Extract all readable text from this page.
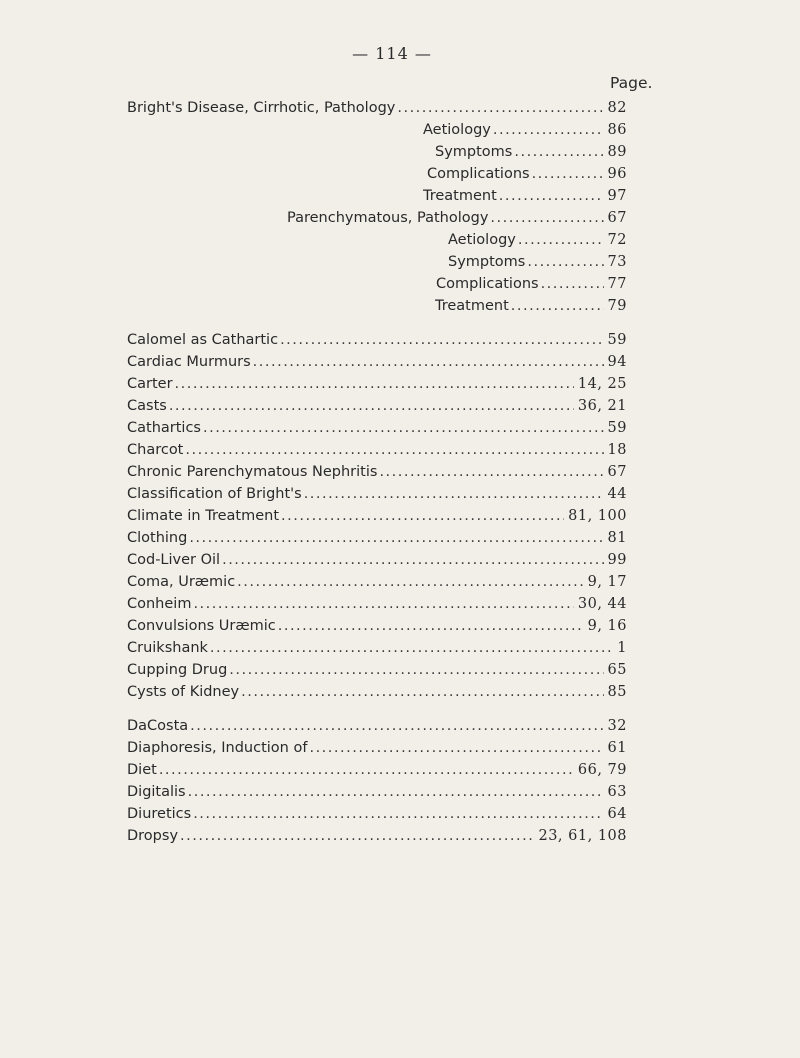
— 114 —
Page.
Bright's Disease, Cirrhotic, Pathology .....	82
Aetiology .....	86
Symptoms .....	89
Complications .....	96
Treatment .....	97
Parenchymatous, Pathology .....	67
Aetiology .....	72
Symptoms .....	73
Complications .....	77
Treatment .....	79
Calomel as Cathartic .....	59
Cardiac Murmurs .....	94
Carter .....	14, 25
Casts .....	36, 21
Cathartics .....	59
Charcot .....	18
Chronic Parenchymatous Nephritis .....	67
Classification of Bright's .....	44
Climate in Treatment .....	81, 100
Clothing .....	81
Cod-Liver Oil .....	99
Coma, Uræmic .....	9, 17
Conheim .....	30, 44
Convulsions Uræmic .....	9, 16
Cruikshank .....	1
Cupping Drug .....	65
Cysts of Kidney .....	85
DaCosta .....	32
Diaphoresis, Induction of .....	61
Diet .....	66, 79
Digitalis .....	63
Diuretics .....	64
Dropsy .....	23, 61, 108
